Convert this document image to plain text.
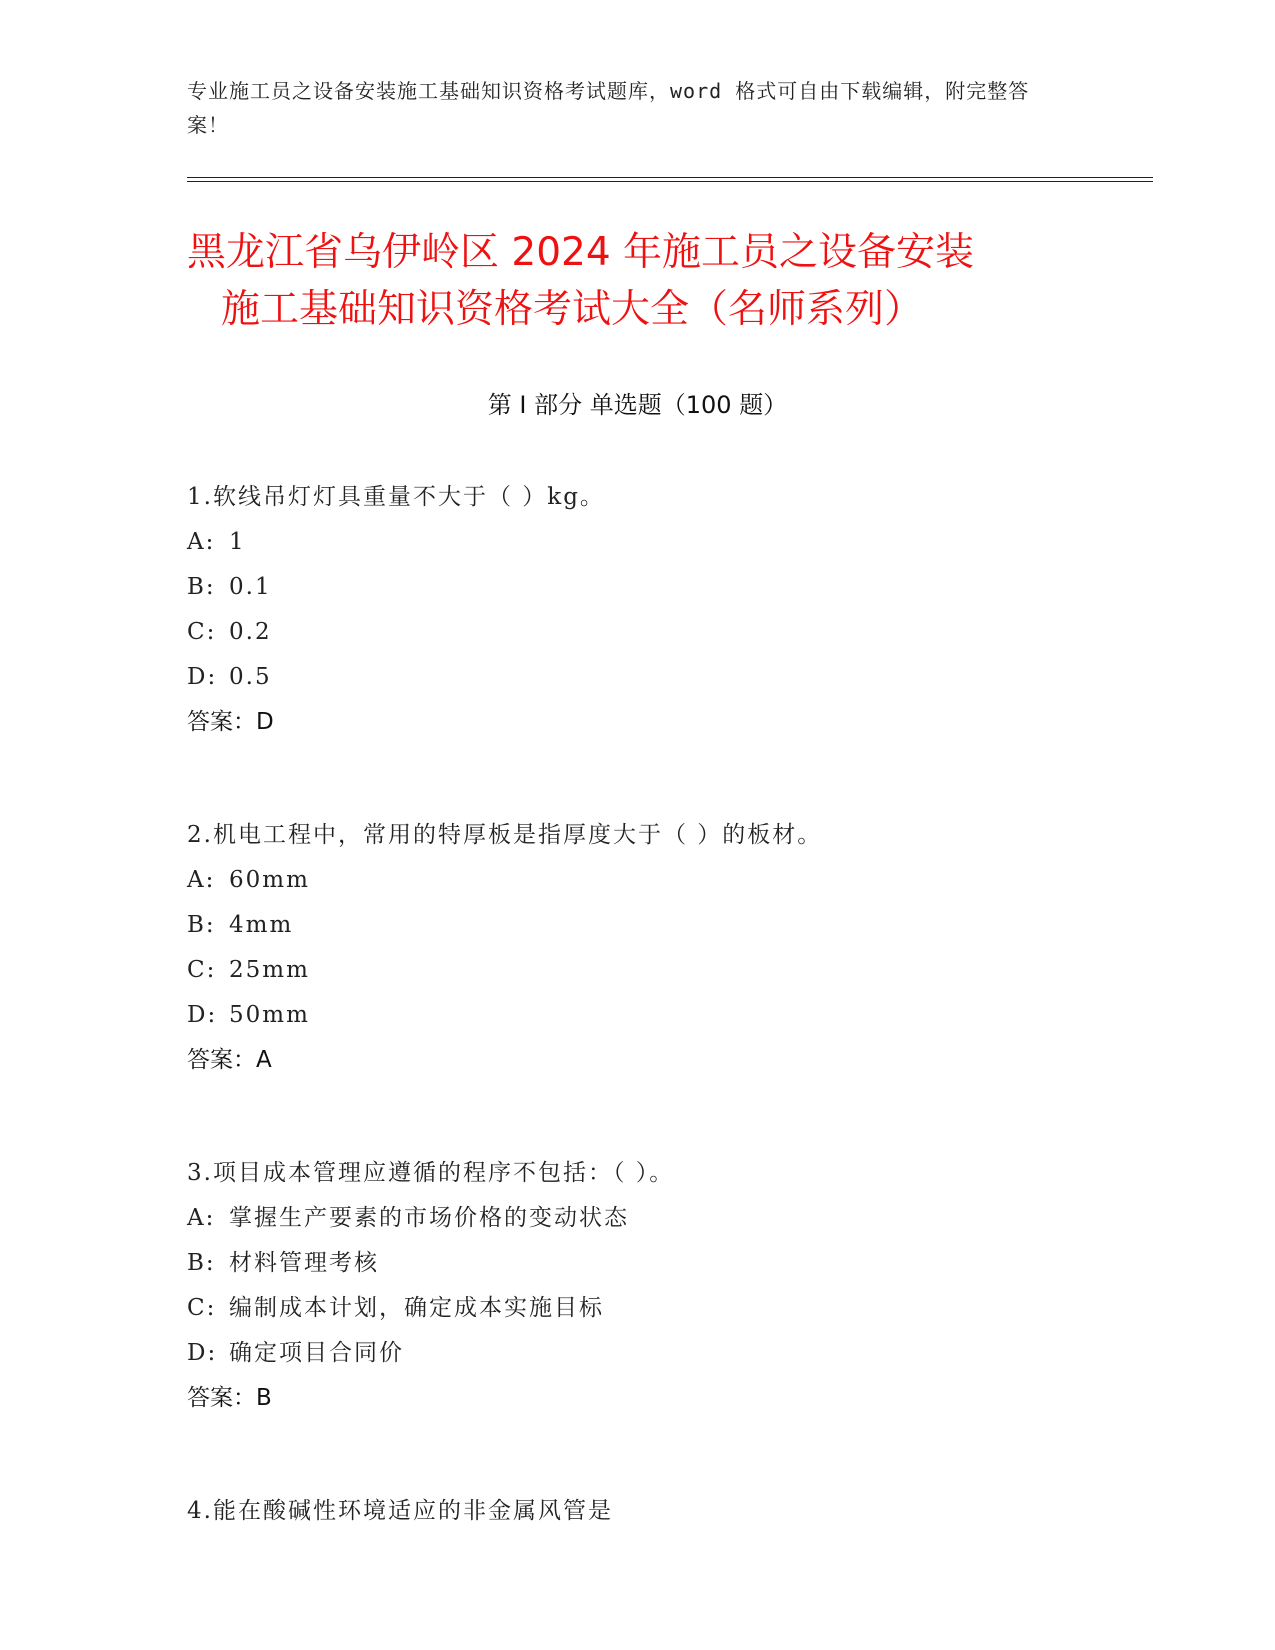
专业施工员之设备安装施工基础知识资格考试题库，word 格式可自由下载编辑，附完整答案！
黑龙江省乌伊岭区 2024 年施工员之设备安装
施工基础知识资格考试大全（名师系列）
第 I 部分 单选题（100 题）
1.软线吊灯灯具重量不大于（ ）kg。
A: 1
B: 0.1
C: 0.2
D: 0.5
答案：D
2.机电工程中，常用的特厚板是指厚度大于（ ）的板材。
A: 60mm
B: 4mm
C: 25mm
D: 50mm
答案：A
3.项目成本管理应遵循的程序不包括：（ ）。
A: 掌握生产要素的市场价格的变动状态
B: 材料管理考核
C: 编制成本计划，确定成本实施目标
D: 确定项目合同价
答案：B
4.能在酸碱性环境适应的非金属风管是
